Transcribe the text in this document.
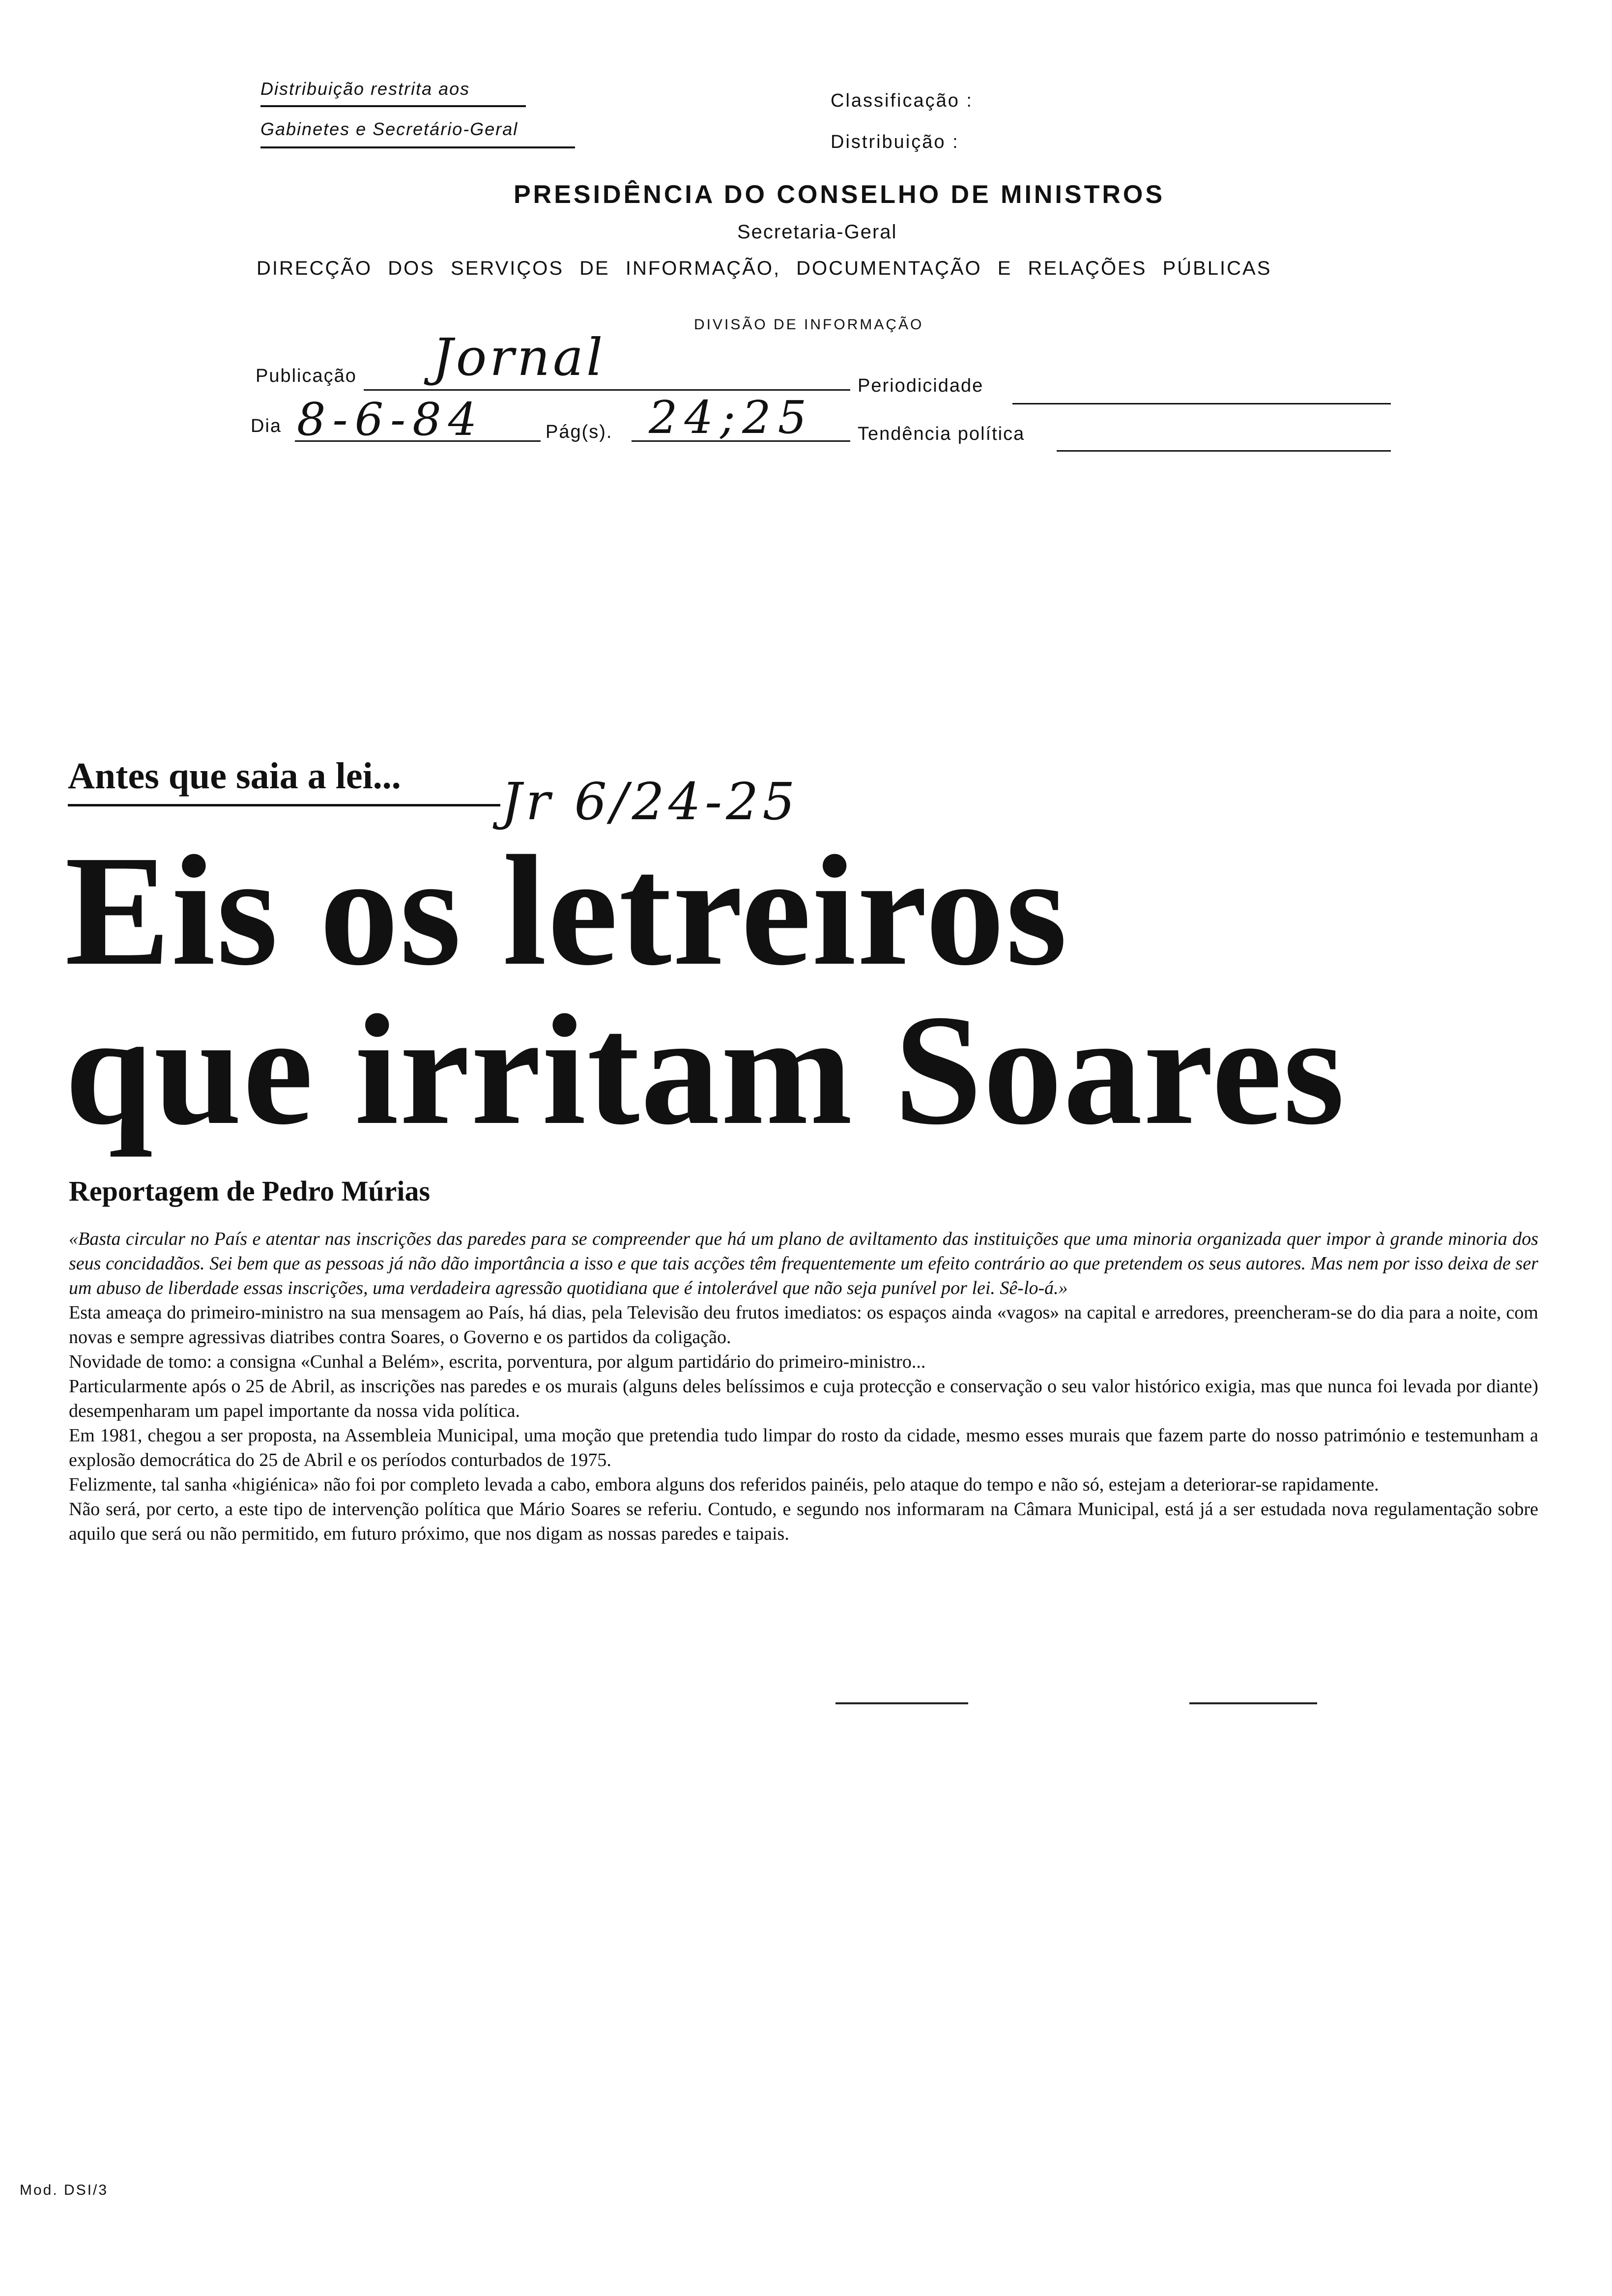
Distribuição restrita aos
Gabinetes e Secretário-Geral
Classificação :
Distribuição :
PRESIDÊNCIA DO CONSELHO DE MINISTROS
Secretaria-Geral
DIRECÇÃO DOS SERVIÇOS DE INFORMAÇÃO, DOCUMENTAÇÃO E RELAÇÕES PÚBLICAS
DIVISÃO DE INFORMAÇÃO
Publicação Jornal	Periodicidade
Dia 8-6-84	Pág(s). 24;25 Tendência política
Antes que saia a lei... Jr 6/24-25
Eis os letreiros
que irritam Soares
Reportagem de Pedro Múrias

«Basta circular no País e atentar nas inscrições das paredes para se compreender que há um plano de aviltamento das instituições que uma minoria organizada quer impor à grande minoria dos seus concidadãos. Sei bem que as pessoas já não dão importância a isso e que tais acções têm frequentemente um efeito contrário ao que pretendem os seus autores. Mas nem por isso deixa de ser um abuso de liberdade essas inscrições, uma verdadeira agressão quotidiana que é intolerável que não seja punível por lei. Sê-lo-á.»

Esta ameaça do primeiro-ministro na sua mensagem ao País, há dias, pela Televisão deu frutos imediatos: os espaços ainda «vagos» na capital e arredores, preencheram-se do dia para a noite, com novas e sempre agressivas diatribes contra Soares, o Governo e os partidos da coligação.

Novidade de tomo: a consigna «Cunhal a Belém», escrita, porventura, por algum partidário do primeiro-ministro...

Particularmente após o 25 de Abril, as inscrições nas paredes e os murais (alguns deles belíssimos e cuja protecção e conservação o seu valor histórico exigia, mas que nunca foi levada por diante) desempenharam um papel importante da nossa vida política.

Em 1981, chegou a ser proposta, na Assembleia Municipal, uma moção que pretendia tudo limpar do rosto da cidade, mesmo esses murais que fazem parte do nosso património e testemunham a explosão democrática do 25 de Abril e os períodos conturbados de 1975.

Felizmente, tal sanha «higiénica» não foi por completo levada a cabo, embora alguns dos referidos painéis, pelo ataque do tempo e não só, estejam a deteriorar-se rapidamente.

Não será, por certo, a este tipo de intervenção política que Mário Soares se referiu. Contudo, e segundo nos informaram na Câmara Municipal, está já a ser estudada nova regulamentação sobre aquilo que será ou não permitido, em futuro próximo, que nos digam as nossas paredes e taipais.

Mod. DSI/3
